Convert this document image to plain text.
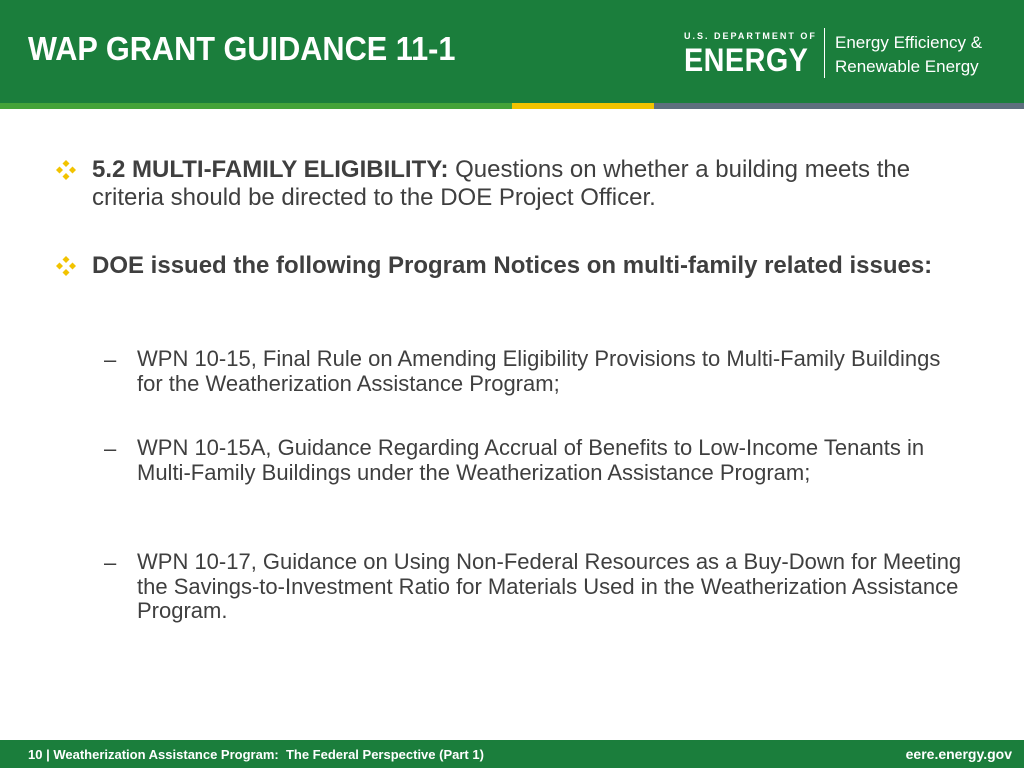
WAP GRANT GUIDANCE 11-1	U.S. DEPARTMENT OF
ENERGY Energy Efficiency &
Renewable Energy
5.2 MULTI-FAMILY ELIGIBILITY: Questions on whether a building meets the criteria should be directed to the DOE Project Officer.
DOE issued the following Program Notices on multi-family related issues:
– WPN 10-15, Final Rule on Amending Eligibility Provisions to Multi-Family Buildings for the Weatherization Assistance Program;
– WPN 10-15A, Guidance Regarding Accrual of Benefits to Low-Income Tenants in Multi-Family Buildings under the Weatherization Assistance Program;
– WPN 10-17, Guidance on Using Non-Federal Resources as a Buy-Down for Meeting the Savings-to-Investment Ratio for Materials Used in the Weatherization Assistance Program.
10 | Weatherization Assistance Program:  The Federal Perspective (Part 1)	eere.energy.gov
